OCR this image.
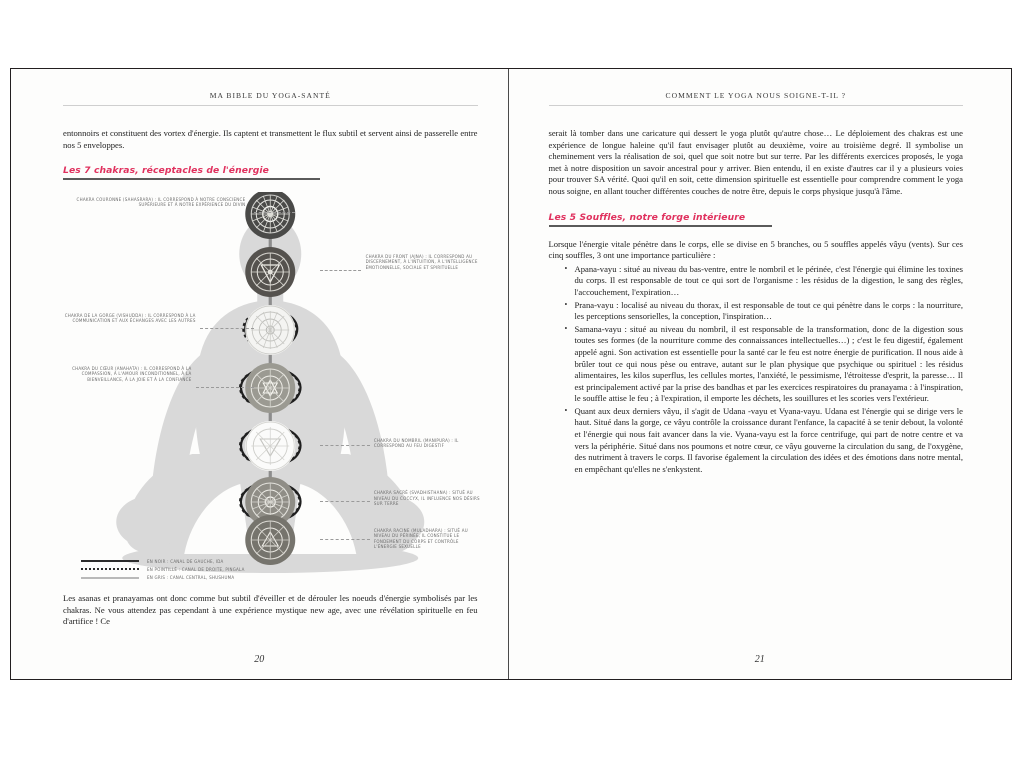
MA BIBLE DU YOGA-SANTÉ

entonnoirs et constituent des vortex d'énergie. Ils captent et transmettent le flux subtil et servent ainsi de passerelle entre nos 5 enveloppes.

Les 7 chakras, réceptacles de l'énergie
CHAKRA COURONNE (SAHASRARA) : IL CORRESPOND À NOTRE CONSCIENCE SUPÉRIEURE ET À NOTRE EXPÉRIENCE DU DIVIN
CHAKRA DU FRONT (AJNA) : IL CORRESPOND AU DISCERNEMENT, À L'INTUITION, À L'INTELLIGENCE ÉMOTIONNELLE, SOCIALE ET SPIRITUELLE
CHAKRA DE LA GORGE (VISHUDDA) : IL CORRESPOND À LA COMMUNICATION ET AUX ÉCHANGES AVEC LES AUTRES
CHAKRA DU CŒUR (ANAHATA) : IL CORRESPOND À LA COMPASSION, À L'AMOUR INCONDITIONNEL, À LA BIENVEILLANCE, À LA JOIE ET À LA CONFIANCE
CHAKRA DU NOMBRIL (MANIPURA) : IL CORRESPOND AU FEU DIGESTIF
CHAKRA SACRÉ (SVADHISTHANA) : SITUÉ AU NIVEAU DU COCCYX, IL INFLUENCE NOS DÉSIRS SUR TERRE
CHAKRA RACINE (MULADHARA) : SITUÉ AU NIVEAU DU PÉRINÉE, IL CONSTITUE LE FONDEMENT DU CORPS ET CONTRÔLE L'ÉNERGIE SEXUELLE
EN NOIR : CANAL DE GAUCHE, IDA
EN POINTILLÉ : CANAL DE DROITE, PINGALA
EN GRIS : CANAL CENTRAL, SHUSHUMA

Les asanas et pranayamas ont donc comme but subtil d'éveiller et de dérouler les noeuds d'énergie symbolisés par les chakras. Ne vous attendez pas cependant à une expérience mystique new age, avec une révélation spirituelle en feu d'artifice ! Ce

20
COMMENT LE YOGA NOUS SOIGNE-T-IL ?

serait là tomber dans une caricature qui dessert le yoga plutôt qu'autre chose… Le déploiement des chakras est une expérience de longue haleine qu'il faut envisager plutôt au deuxième, voire au troisième degré. Il symbolise un cheminement vers la réalisation de soi, quel que soit notre but sur terre. Par les différents exercices proposés, le yoga met à notre disposition un savoir ancestral pour y arriver. Bien entendu, il en existe d'autres car il y a plusieurs voies pour trouver SA vérité. Quoi qu'il en soit, cette dimension spirituelle est essentielle pour comprendre comment le yoga nous soigne, en allant toucher différentes couches de notre être, depuis le corps physique jusqu'à l'âme.

Les 5 Souffles, notre forge intérieure

Lorsque l'énergie vitale pénètre dans le corps, elle se divise en 5 branches, ou 5 souffles appelés vâyu (vents). Sur ces cinq souffles, 3 ont une importance particulière :

• Apana-vayu : situé au niveau du bas-ventre, entre le nombril et le périnée, c'est l'énergie qui élimine les toxines du corps. Il est responsable de tout ce qui sort de l'organisme : les résidus de la digestion, le sang des règles, l'accouchement, l'expiration…
• Prana-vayu : localisé au niveau du thorax, il est responsable de tout ce qui pénètre dans le corps : la nourriture, les perceptions sensorielles, la conception, l'inspiration…
• Samana-vayu : situé au niveau du nombril, il est responsable de la transformation, donc de la digestion sous toutes ses formes (de la nourriture comme des connaissances intellectuelles…) ; c'est le feu digestif, également appelé agni. Son activation est essentielle pour la santé car le feu est notre énergie de purification. Il nous aide à brûler tout ce qui nous pèse ou entrave, autant sur le plan physique que psychique ou spirituel : les résidus alimentaires, les kilos superflus, les cellules mortes, l'anxiété, le pessimisme, l'étroitesse d'esprit, la paresse… Il est principalement activé par la prise des bandhas et par les exercices respiratoires du pranayama : à l'inspiration, le souffle attise le feu ; à l'expiration, il emporte les déchets, les souillures et les scories vers l'extérieur.
• Quant aux deux derniers vâyu, il s'agit de Udana -vayu et Vyana-vayu. Udana est l'énergie qui se dirige vers le haut. Situé dans la gorge, ce vâyu contrôle la croissance durant l'enfance, la capacité à se tenir debout, la volonté et l'énergie qui nous fait avancer dans la vie. Vyana-vayu est la force centrifuge, qui part de notre centre et va vers la périphérie. Situé dans nos poumons et notre cœur, ce vâyu gouverne la circulation du sang, de l'oxygène, des nutriment à travers le corps. Il favorise également la circulation des idées et des émotions dans notre mental, en empêchant qu'elles ne s'enkystent.
21
